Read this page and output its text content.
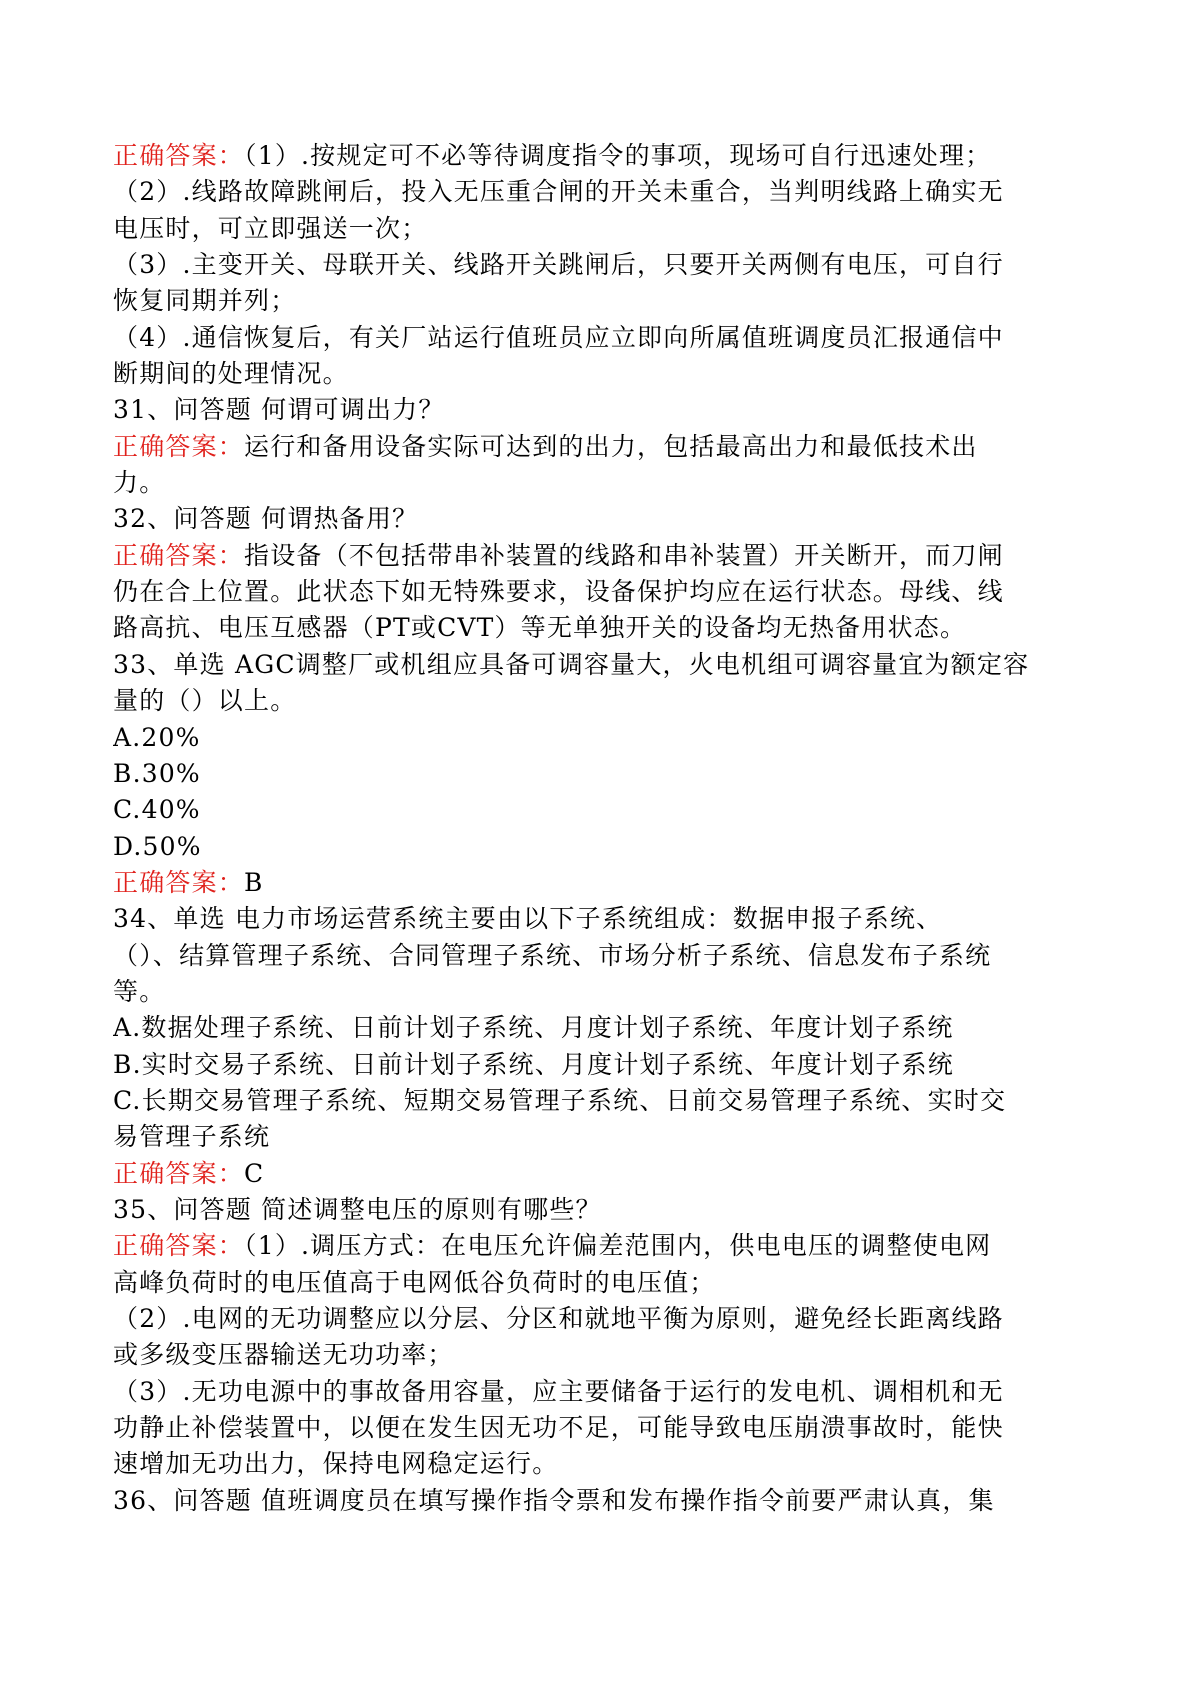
正确答案：（1）.按规定可不必等待调度指令的事项，现场可自行迅速处理；
（2）.线路故障跳闸后，投入无压重合闸的开关未重合，当判明线路上确实无
电压时，可立即强送一次；
（3）.主变开关、母联开关、线路开关跳闸后，只要开关两侧有电压，可自行
恢复同期并列；
（4）.通信恢复后，有关厂站运行值班员应立即向所属值班调度员汇报通信中
断期间的处理情况。
31、问答题 何谓可调出力？
正确答案：运行和备用设备实际可达到的出力，包括最高出力和最低技术出
力。
32、问答题 何谓热备用？
正确答案：指设备（不包括带串补装置的线路和串补装置）开关断开，而刀闸
仍在合上位置。此状态下如无特殊要求，设备保护均应在运行状态。母线、线
路高抗、电压互感器（PT或CVT）等无单独开关的设备均无热备用状态。
33、单选 AGC调整厂或机组应具备可调容量大，火电机组可调容量宜为额定容
量的（）以上。
A.20%
B.30%
C.40%
D.50%
正确答案：B
34、单选 电力市场运营系统主要由以下子系统组成：数据申报子系统、
（）、结算管理子系统、合同管理子系统、市场分析子系统、信息发布子系统
等。
A.数据处理子系统、日前计划子系统、月度计划子系统、年度计划子系统
B.实时交易子系统、日前计划子系统、月度计划子系统、年度计划子系统
C.长期交易管理子系统、短期交易管理子系统、日前交易管理子系统、实时交
易管理子系统
正确答案：C
35、问答题 简述调整电压的原则有哪些？
正确答案：（1）.调压方式：在电压允许偏差范围内，供电电压的调整使电网
高峰负荷时的电压值高于电网低谷负荷时的电压值；
（2）.电网的无功调整应以分层、分区和就地平衡为原则，避免经长距离线路
或多级变压器输送无功功率；
（3）.无功电源中的事故备用容量，应主要储备于运行的发电机、调相机和无
功静止补偿装置中，以便在发生因无功不足，可能导致电压崩溃事故时，能快
速增加无功出力，保持电网稳定运行。
36、问答题 值班调度员在填写操作指令票和发布操作指令前要严肃认真，集
